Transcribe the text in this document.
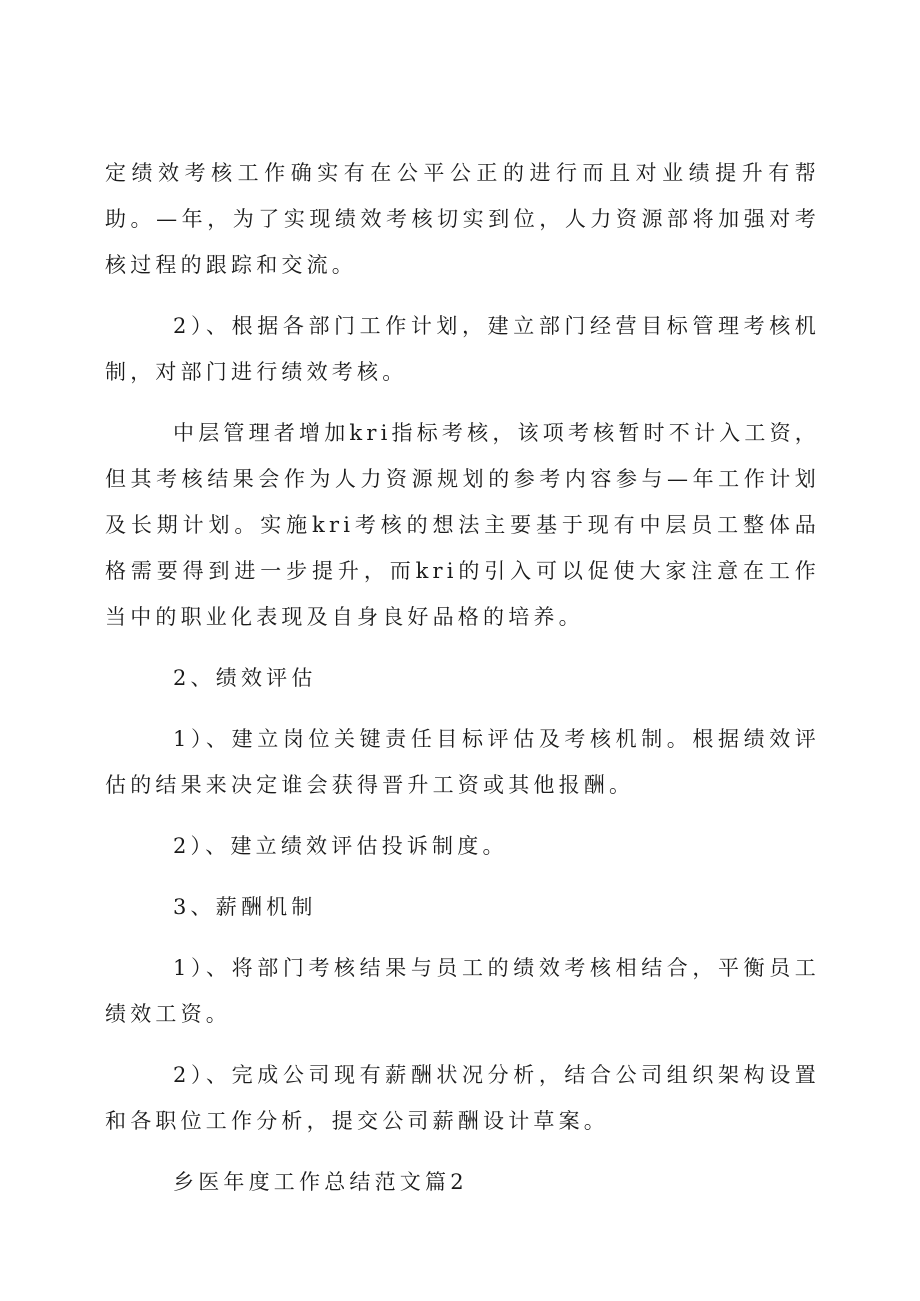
定绩效考核工作确实有在公平公正的进行而且对业绩提升有帮助。—年，为了实现绩效考核切实到位，人力资源部将加强对考核过程的跟踪和交流。

2）、根据各部门工作计划，建立部门经营目标管理考核机制，对部门进行绩效考核。

中层管理者增加kri指标考核，该项考核暂时不计入工资，但其考核结果会作为人力资源规划的参考内容参与—年工作计划及长期计划。实施kri考核的想法主要基于现有中层员工整体品格需要得到进一步提升，而kri的引入可以促使大家注意在工作当中的职业化表现及自身良好品格的培养。

2、绩效评估

1）、建立岗位关键责任目标评估及考核机制。根据绩效评估的结果来决定谁会获得晋升工资或其他报酬。

2）、建立绩效评估投诉制度。

3、薪酬机制

1）、将部门考核结果与员工的绩效考核相结合，平衡员工绩效工资。

2）、完成公司现有薪酬状况分析，结合公司组织架构设置和各职位工作分析，提交公司薪酬设计草案。

乡医年度工作总结范文篇2
